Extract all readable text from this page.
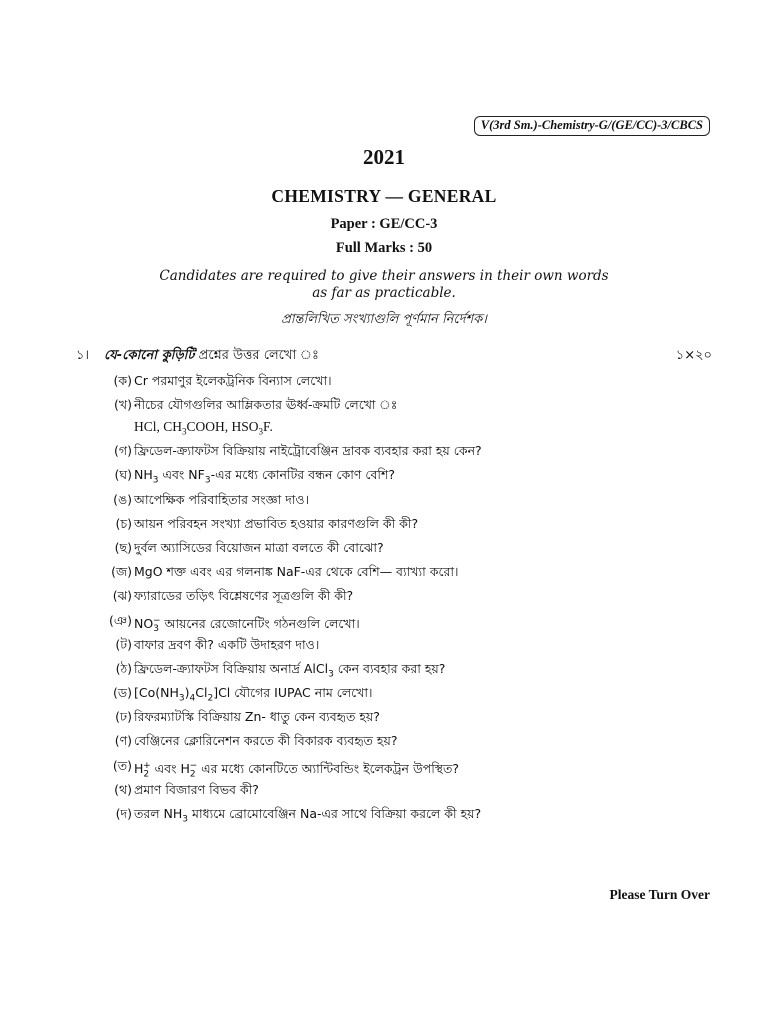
V(3rd Sm.)-Chemistry-G/(GE/CC)-3/CBCS
2021
CHEMISTRY — GENERAL
Paper : GE/CC-3
Full Marks : 50
Candidates are required to give their answers in their own words
as far as practicable.
প্রান্তলিখিত সংখ্যাগুলি পূর্ণমান নির্দেশক।
১। যে-কোনো কুড়িটি প্রশ্নের উত্তর লেখো ঃ	১×২০
(ক) Cr পরমাণুর ইলেকট্রনিক বিন্যাস লেখো।
(খ) নীচের যৌগগুলির আম্লিকতার ঊর্ধ্ব-ক্রমটি লেখো ঃ
HCl, $CH_3COOH$, $HSO_3F$.
(গ) ফ্রিডেল-ক্র্যাফটস বিক্রিয়ায় নাইট্রোবেঞ্জিন দ্রাবক ব্যবহার করা হয় কেন?
(ঘ) $NH_3$ এবং $NF_3-এর$ মধ্যে কোনটির বন্ধন কোণ বেশি?
(ঙ) আপেক্ষিক পরিবাহিতার সংজ্ঞা দাও।
(চ) আয়ন পরিবহন সংখ্যা প্রভাবিত হওয়ার কারণগুলি কী কী?
(ছ) দুর্বল অ্যাসিডের বিয়োজন মাত্রা বলতে কী বোঝো?
(জ) MgO শক্ত এবং এর গলনাঙ্ক NaF-এর থেকে বেশি— ব্যাখ্যা করো।
(ঝ) ফ্যারাডের তড়িৎ বিশ্লেষণের সূত্রগুলি কী কী?
(ঞ) $NO_3^-$ আয়নের রেজোনেটিং গঠনগুলি লেখো।
(ট) বাফার দ্রবণ কী? একটি উদাহরণ দাও।
(ঠ) ফ্রিডেল-ক্র্যাফটস বিক্রিয়ায় অনার্দ্র AlCl$_3$ কেন ব্যবহার করা হয়?
(ড) $[Co(NH_3)_4Cl_2]Cl$ যৌগের IUPAC নাম লেখো।
(ঢ) রিফরম্যাটস্কি বিক্রিয়ায় Zn- ধাতু কেন ব্যবহৃত হয়?
(ণ) বেঞ্জিনের ক্লোরিনেশন করতে কী বিকারক ব্যবহৃত হয়?
(ত) $H_2^+$ এবং $H_2^-$ এর মধ্যে কোনটিতে অ্যান্টিবন্ডিং ইলেকট্রন উপস্থিত?
(থ) প্রমাণ বিজারণ বিভব কী?
(দ) তরল $NH_3$ মাধ্যমে ব্রোমোবেঞ্জিন Na-এর সাথে বিক্রিয়া করলে কী হয়?
Please Turn Over
